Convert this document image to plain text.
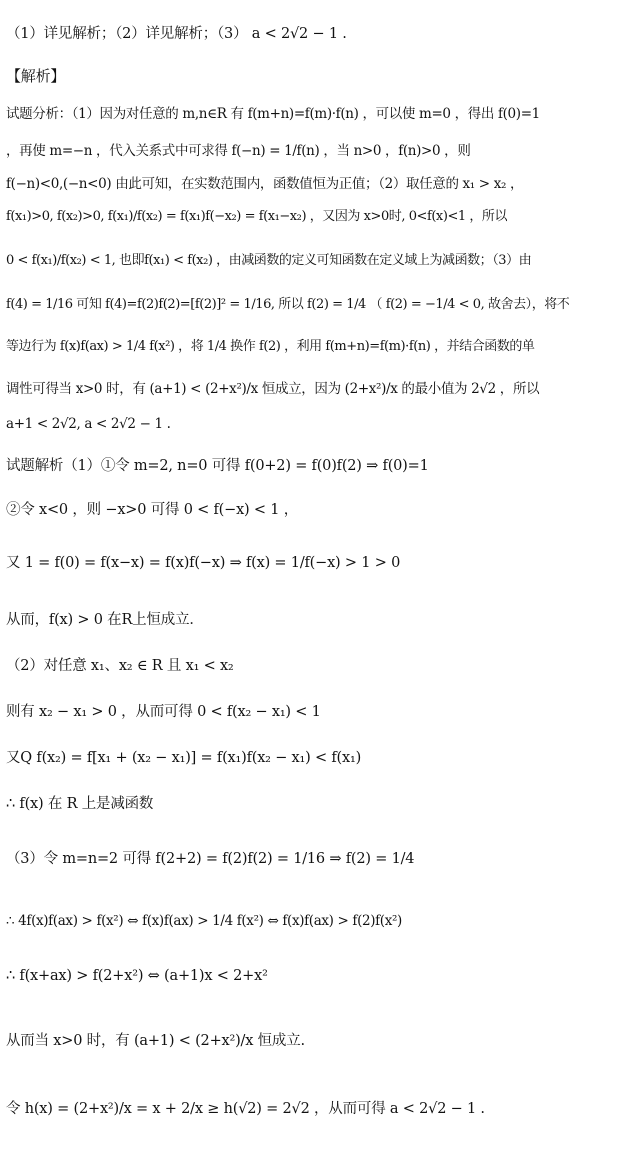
（1）详见解析；（2）详见解析；（3） a < 2√2 − 1 .
【解析】
试题分析：（1）因为对任意的 m,n∈R 有 f(m+n)=f(m)·f(n) ，可以使 m=0 ，得出 f(0)=1
，再使 m=−n ，代入关系式中可求得 f(−n) = 1/f(n) ，当 n>0 ，f(n)>0 ，则
f(−n)<0,(−n<0) 由此可知，在实数范围内，函数值恒为正值；（2）取任意的 x₁ > x₂ ，
f(x₁)>0, f(x₂)>0, f(x₁)/f(x₂) = f(x₁)f(−x₂) = f(x₁−x₂) ，又因为 x>0时, 0<f(x)<1 ，所以
0 < f(x₁)/f(x₂) < 1, 也即f(x₁) < f(x₂) ，由减函数的定义可知函数在定义域上为减函数；（3）由
f(4) = 1/16 可知 f(4)=f(2)f(2)=[f(2)]² = 1/16, 所以 f(2) = 1/4 （ f(2) = −1/4 < 0, 故舍去），将不
等边行为 f(x)f(ax) > 1/4 f(x²) ，将 1/4 换作 f(2) ，利用 f(m+n)=f(m)·f(n) ，并结合函数的单
调性可得当 x>0 时，有 (a+1) < (2+x²)/x 恒成立，因为 (2+x²)/x 的最小值为 2√2 ，所以
a+1 < 2√2, a < 2√2 − 1 .
试题解析（1）①令 m=2, n=0 可得 f(0+2) = f(0)f(2) ⇒ f(0)=1
②令 x<0 ，则 −x>0 可得 0 < f(−x) < 1 ，
又 1 = f(0) = f(x−x) = f(x)f(−x) ⇒ f(x) = 1/f(−x) > 1 > 0
从而，f(x) > 0 在R上恒成立．
（2）对任意 x₁、x₂ ∈ R 且 x₁ < x₂
则有 x₂ − x₁ > 0 ，从而可得 0 < f(x₂ − x₁) < 1
又Q f(x₂) = f[x₁ + (x₂ − x₁)] = f(x₁)f(x₂ − x₁) < f(x₁)
∴ f(x) 在 R 上是减函数
（3）令 m=n=2 可得 f(2+2) = f(2)f(2) = 1/16 ⇒ f(2) = 1/4
∴ 4f(x)f(ax) > f(x²) ⇔ f(x)f(ax) > 1/4 f(x²) ⇔ f(x)f(ax) > f(2)f(x²)
∴ f(x+ax) > f(2+x²) ⇔ (a+1)x < 2+x²
从而当 x>0 时，有 (a+1) < (2+x²)/x 恒成立.
令 h(x) = (2+x²)/x = x + 2/x ≥ h(√2) = 2√2 ，从而可得 a < 2√2 − 1 .
